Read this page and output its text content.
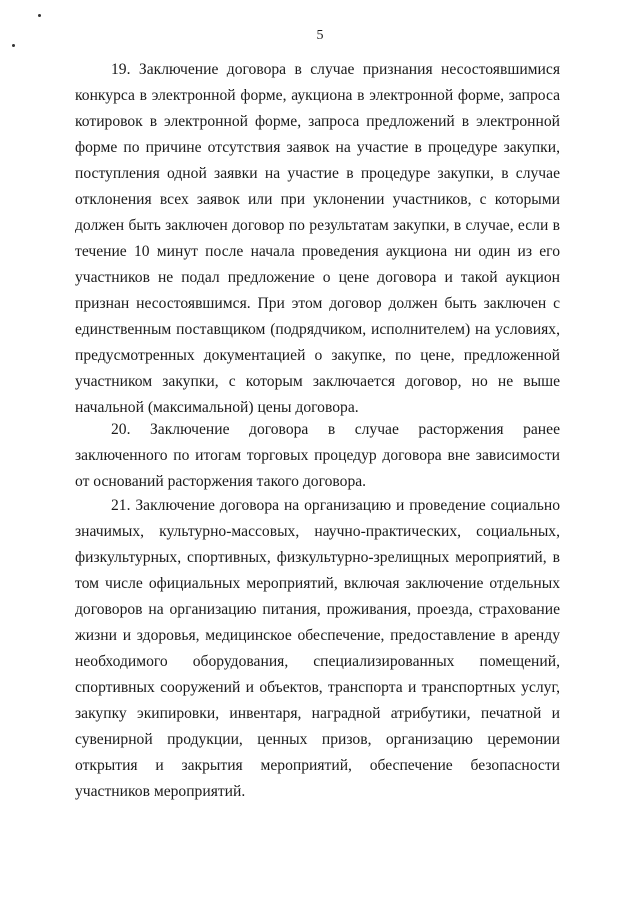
5

19. Заключение договора в случае признания несостоявшимися конкурса в электронной форме, аукциона в электронной форме, запроса котировок в электронной форме, запроса предложений в электронной форме по причине отсутствия заявок на участие в процедуре закупки, поступления одной заявки на участие в процедуре закупки, в случае отклонения всех заявок или при уклонении участников, с которыми должен быть заключен договор по результатам закупки, в случае, если в течение 10 минут после начала проведения аукциона ни один из его участников не подал предложение о цене договора и такой аукцион признан несостоявшимся. При этом договор должен быть заключен с единственным поставщиком (подрядчиком, исполнителем) на условиях, предусмотренных документацией о закупке, по цене, предложенной участником закупки, с которым заключается договор, но не выше начальной (максимальной) цены договора.

20. Заключение договора в случае расторжения ранее заключенного по итогам торговых процедур договора вне зависимости от оснований расторжения такого договора.

21. Заключение договора на организацию и проведение социально значимых, культурно-массовых, научно-практических, социальных, физкультурных, спортивных, физкультурно-зрелищных мероприятий, в том числе официальных мероприятий, включая заключение отдельных договоров на организацию питания, проживания, проезда, страхование жизни и здоровья, медицинское обеспечение, предоставление в аренду необходимого оборудования, специализированных помещений, спортивных сооружений и объектов, транспорта и транспортных услуг, закупку экипировки, инвентаря, наградной атрибутики, печатной и сувенирной продукции, ценных призов, организацию церемонии открытия и закрытия мероприятий, обеспечение безопасности участников мероприятий.
